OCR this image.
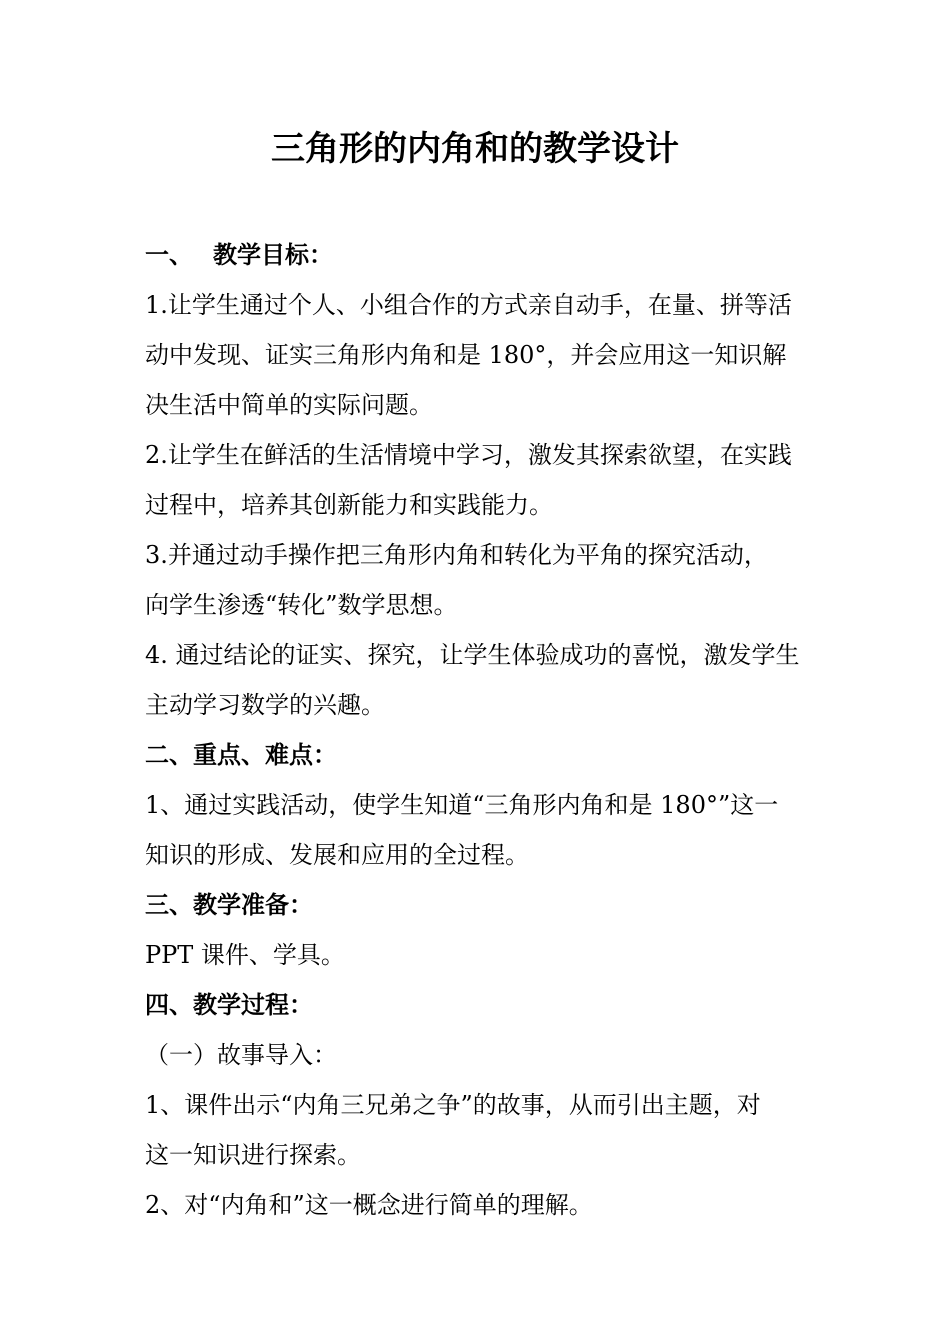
三角形的内角和的教学设计

一、 教学目标：

1.让学生通过个人、小组合作的方式亲自动手，在量、拼等活

动中发现、证实三角形内角和是 180°，并会应用这一知识解

决生活中简单的实际问题。

2.让学生在鲜活的生活情境中学习，激发其探索欲望，在实践

过程中，培养其创新能力和实践能力。

3.并通过动手操作把三角形内角和转化为平角的探究活动，

向学生渗透“转化”数学思想。

4. 通过结论的证实、探究，让学生体验成功的喜悦，激发学生

主动学习数学的兴趣。

二、重点、难点：

1、通过实践活动，使学生知道“三角形内角和是 180°”这一

知识的形成、发展和应用的全过程。

三、教学准备：

PPT 课件、学具。

四、教学过程：

（一）故事导入：

1、课件出示“内角三兄弟之争”的故事，从而引出主题，对

这一知识进行探索。

2、对“内角和”这一概念进行简单的理解。
